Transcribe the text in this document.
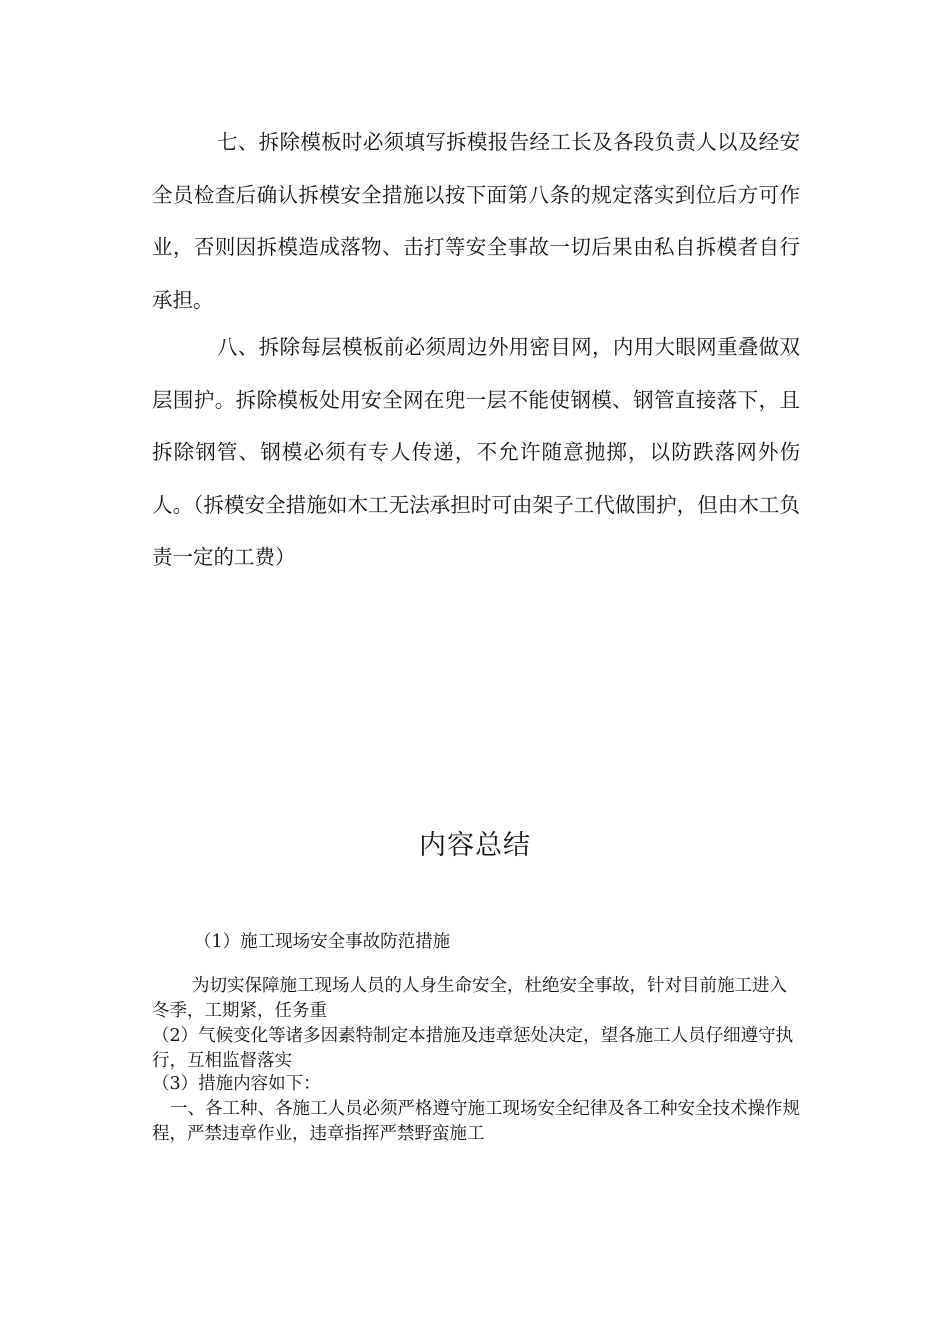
七、拆除模板时必须填写拆模报告经工长及各段负责人以及经安全员检查后确认拆模安全措施以按下面第八条的规定落实到位后方可作业，否则因拆模造成落物、击打等安全事故一切后果由私自拆模者自行承担。

八、拆除每层模板前必须周边外用密目网，内用大眼网重叠做双层围护。拆除模板处用安全网在兜一层不能使钢模、钢管直接落下，且拆除钢管、钢模必须有专人传递，不允许随意抛掷，以防跌落网外伤人。（拆模安全措施如木工无法承担时可由架子工代做围护，但由木工负责一定的工费）

内容总结

（1）施工现场安全事故防范措施

为切实保障施工现场人员的人身生命安全，杜绝安全事故，针对目前施工进入冬季，工期紧，任务重

（2）气候变化等诸多因素特制定本措施及违章惩处决定，望各施工人员仔细遵守执行，互相监督落实

（3）措施内容如下：

一、各工种、各施工人员必须严格遵守施工现场安全纪律及各工种安全技术操作规程，严禁违章作业，违章指挥严禁野蛮施工
